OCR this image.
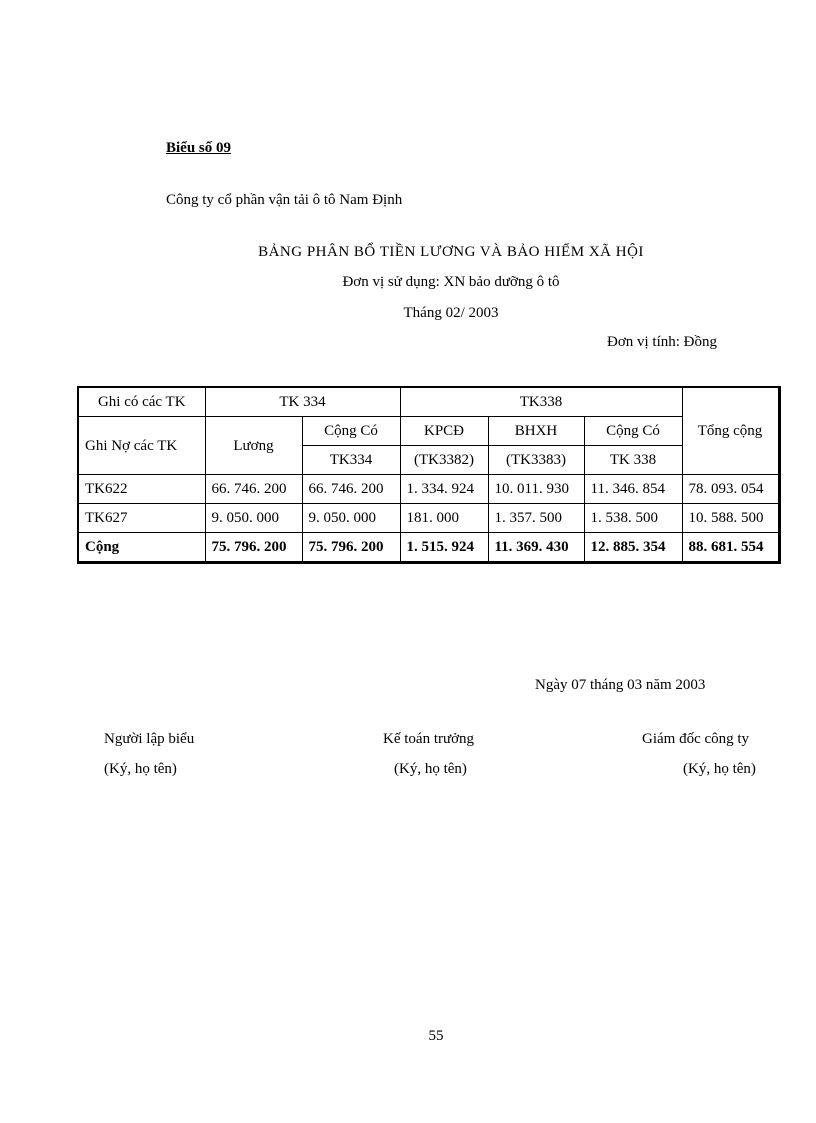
Biểu số 09
Công ty cổ phần vận tải ô tô Nam Định
BẢNG PHÂN BỔ TIỀN LƯƠNG VÀ BẢO HIỂM XÃ HỘI
Đơn vị sử dụng: XN bảo dưỡng ô tô
Tháng 02/ 2003
Đơn vị tính: Đồng
Ghi có các TK	TK 334		TK338			Tổng cộng
Ghi Nợ các TK	Lương	Cộng Có	KPCĐ	BHXH	Cộng Có	
		TK334	(TK3382)	(TK3383)	TK 338	
TK622	66. 746. 200	66. 746. 200	1. 334. 924	10. 011. 930	11. 346. 854	78. 093. 054
TK627	9. 050. 000	9. 050. 000	181. 000	1. 357. 500	1. 538. 500	10. 588. 500
Cộng	75. 796. 200	75. 796. 200	1. 515. 924	11. 369. 430	12. 885. 354	88. 681. 554
Ngày 07 tháng 03 năm 2003
Người lập biểu	Kế toán trưởng	Giám đốc công ty
(Ký, họ tên)	(Ký, họ tên)	(Ký, họ tên)
55
